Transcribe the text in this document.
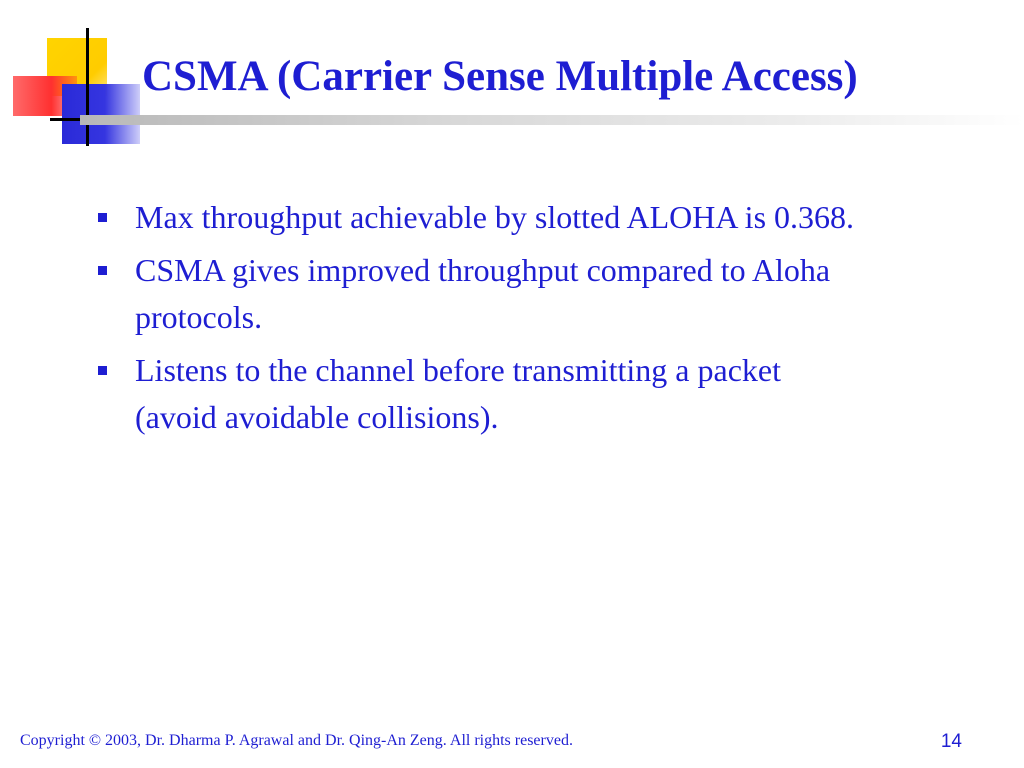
CSMA (Carrier Sense Multiple Access)
Max throughput achievable by slotted ALOHA is 0.368.
CSMA gives improved throughput compared to Aloha protocols.
Listens to the channel before transmitting a packet (avoid avoidable collisions).
Copyright © 2003, Dr. Dharma P. Agrawal and Dr. Qing-An Zeng. All rights reserved.	14
